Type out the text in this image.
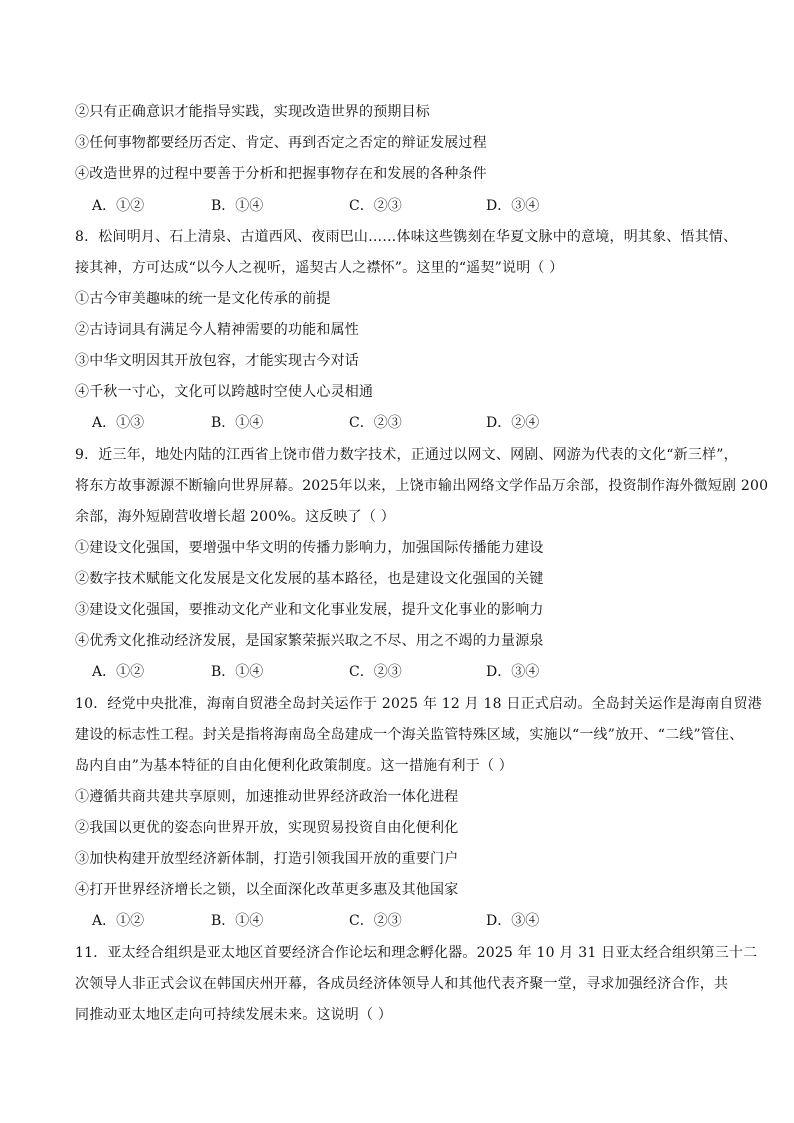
②只有正确意识才能指导实践，实现改造世界的预期目标
③任何事物都要经历否定、肯定、再到否定之否定的辩证发展过程
④改造世界的过程中要善于分析和把握事物存在和发展的各种条件
A．①②	B．①④	C．②③	D．③④
8．松间明月、石上清泉、古道西风、夜雨巴山……体味这些镌刻在华夏文脉中的意境，明其象、悟其情、
接其神，方可达成“以今人之视听，遥契古人之襟怀”。这里的“遥契”说明（ ）
①古今审美趣味的统一是文化传承的前提
②古诗词具有满足今人精神需要的功能和属性
③中华文明因其开放包容，才能实现古今对话
④千秋一寸心，文化可以跨越时空使人心灵相通
A．①③	B．①④	C．②③	D．②④
9．近三年，地处内陆的江西省上饶市借力数字技术，正通过以网文、网剧、网游为代表的文化“新三样”，
将东方故事源源不断输向世界屏幕。2025年以来，上饶市输出网络文学作品万余部，投资制作海外微短剧 200
余部，海外短剧营收增长超 200%。这反映了（ ）
①建设文化强国，要增强中华文明的传播力影响力，加强国际传播能力建设
②数字技术赋能文化发展是文化发展的基本路径，也是建设文化强国的关键
③建设文化强国，要推动文化产业和文化事业发展，提升文化事业的影响力
④优秀文化推动经济发展，是国家繁荣振兴取之不尽、用之不竭的力量源泉
A．①②	B．①④	C．②③	D．③④
10．经党中央批准，海南自贸港全岛封关运作于 2025 年 12 月 18 日正式启动。全岛封关运作是海南自贸港
建设的标志性工程。封关是指将海南岛全岛建成一个海关监管特殊区域，实施以“一线”放开、“二线”管住、
岛内自由”为基本特征的自由化便利化政策制度。这一措施有利于（ ）
①遵循共商共建共享原则，加速推动世界经济政治一体化进程
②我国以更优的姿态向世界开放，实现贸易投资自由化便利化
③加快构建开放型经济新体制，打造引领我国开放的重要门户
④打开世界经济增长之锁，以全面深化改革更多惠及其他国家
A．①②	B．①④	C．②③	D．③④
11．亚太经合组织是亚太地区首要经济合作论坛和理念孵化器。2025 年 10 月 31 日亚太经合组织第三十二
次领导人非正式会议在韩国庆州开幕，各成员经济体领导人和其他代表齐聚一堂，寻求加强经济合作，共
同推动亚太地区走向可持续发展未来。这说明（ ）
